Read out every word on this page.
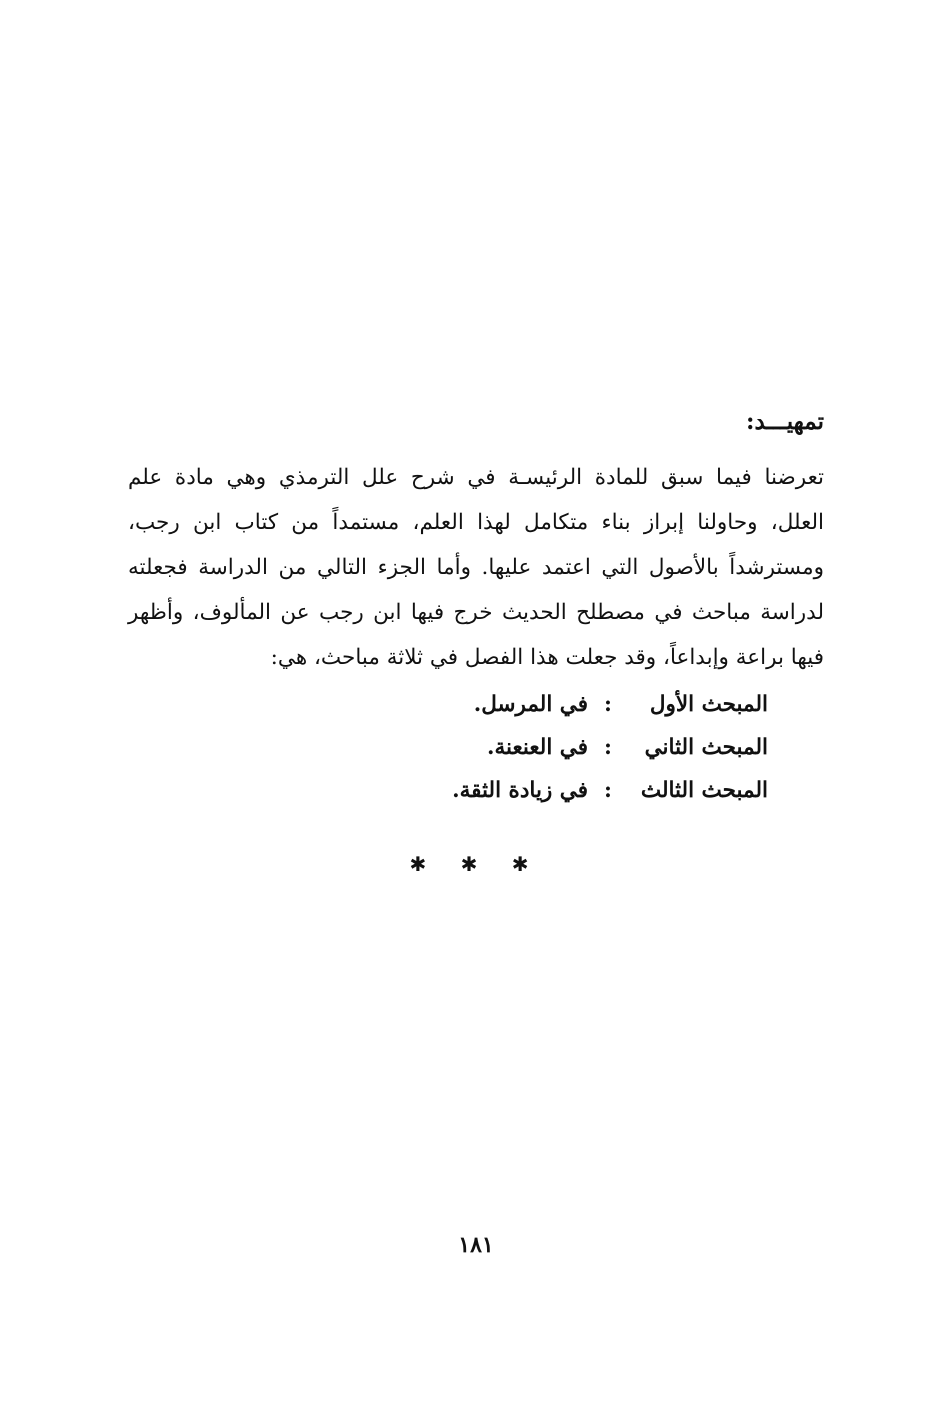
تمهيـــد:
تعرضنا فيما سبق للمادة الرئيسـة في شرح علل الترمذي وهي مادة علم
العلل، وحاولنا إبراز بناء متكامل لهذا العلم، مستمداً من كتاب ابن رجب،
ومسترشداً بالأصول التي اعتمد عليها. وأما الجزء التالي من الدراسة فجعلته
لدراسة مباحث في مصطلح الحديث خرج فيها ابن رجب عن المألوف، وأظهر
فيها براعة وإبداعاً، وقد جعلت هذا الفصل في ثلاثة مباحث، هي:
المبحث الأول
:
في المرسل.
المبحث الثاني
:
في العنعنة.
المبحث الثالث
:
في زيادة الثقة.
✱ ✱ ✱
١٨١
